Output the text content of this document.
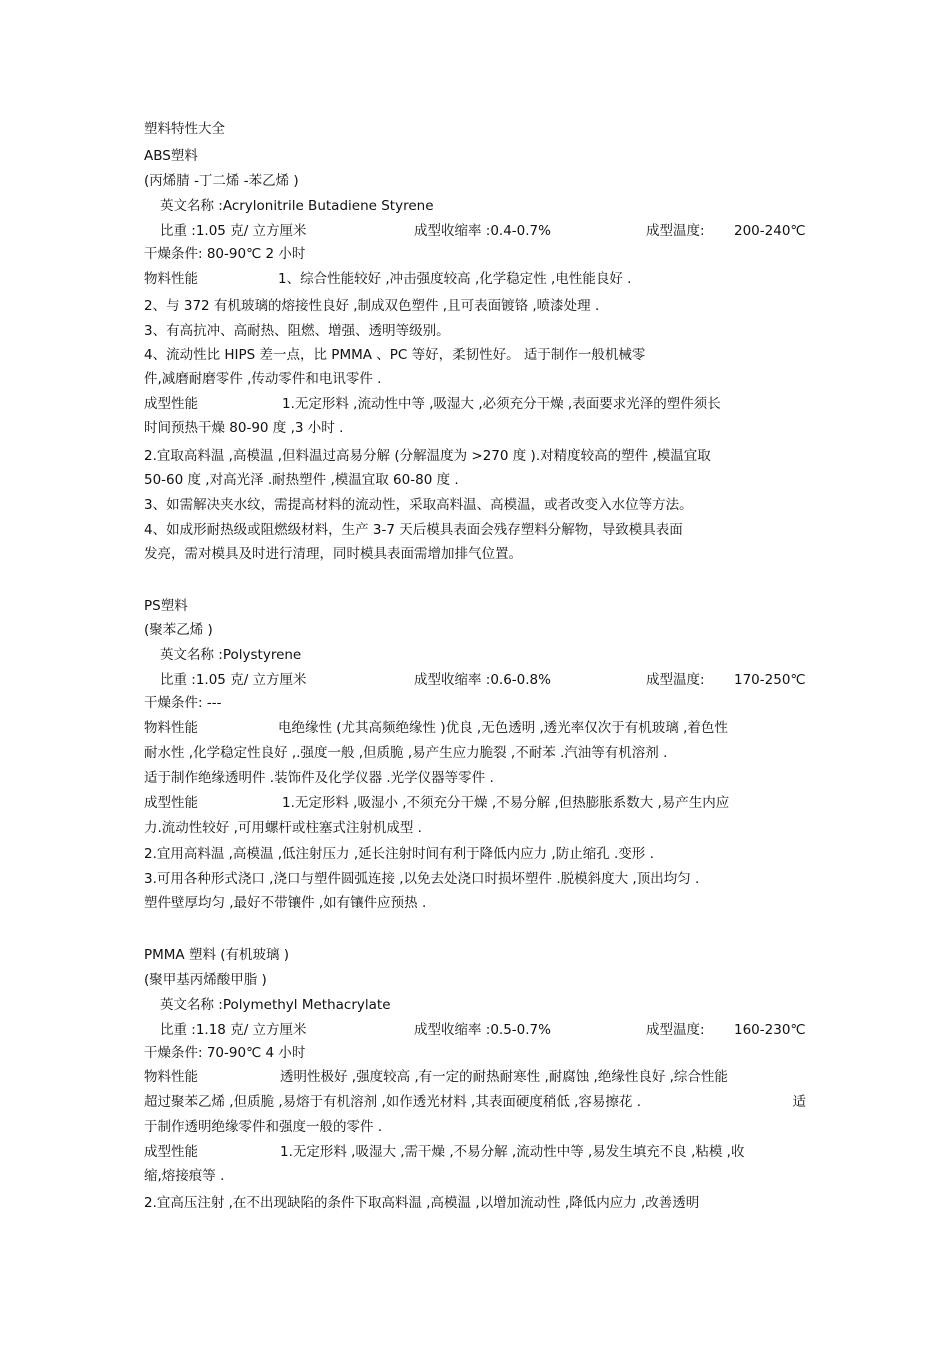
塑料特性大全
ABS塑料
(丙烯腈 -丁二烯 -苯乙烯 )
英文名称 :Acrylonitrile Butadiene Styrene
比重 :1.05 克/ 立方厘米	成型收缩率 :0.4-0.7%	成型温度: 200-240℃
干燥条件: 80-90℃ 2 小时
物料性能	1、综合性能较好 ,冲击强度较高 ,化学稳定性 ,电性能良好 .
2、与 372 有机玻璃的熔接性良好 ,制成双色塑件 ,且可表面镀铬 ,喷漆处理 .
3、有高抗冲、高耐热、阻燃、增强、透明等级别。
4、流动性比 HIPS 差一点，比 PMMA 、PC 等好，柔韧性好。 适于制作一般机械零
件,减磨耐磨零件 ,传动零件和电讯零件 .
成型性能	1.无定形料 ,流动性中等 ,吸湿大 ,必须充分干燥 ,表面要求光泽的塑件须长
时间预热干燥 80-90 度 ,3 小时 .
2.宜取高料温 ,高模温 ,但料温过高易分解 (分解温度为 >270 度 ).对精度较高的塑件 ,模温宜取
50-60 度 ,对高光泽 .耐热塑件 ,模温宜取 60-80 度 .
3、如需解决夹水纹，需提高材料的流动性，采取高料温、高模温，或者改变入水位等方法。
4、如成形耐热级或阻燃级材料，生产 3-7 天后模具表面会残存塑料分解物，导致模具表面
发亮，需对模具及时进行清理，同时模具表面需增加排气位置。
PS塑料
(聚苯乙烯 )
英文名称 :Polystyrene
比重 :1.05 克/ 立方厘米	成型收缩率 :0.6-0.8%	成型温度: 170-250℃
干燥条件: ---
物料性能	电绝缘性 (尤其高频绝缘性 )优良 ,无色透明 ,透光率仅次于有机玻璃 ,着色性
耐水性 ,化学稳定性良好 ,.强度一般 ,但质脆 ,易产生应力脆裂 ,不耐苯 .汽油等有机溶剂 .
适于制作绝缘透明件 .装饰件及化学仪器 .光学仪器等零件 .
成型性能	1.无定形料 ,吸湿小 ,不须充分干燥 ,不易分解 ,但热膨胀系数大 ,易产生内应
力.流动性较好 ,可用螺杆或柱塞式注射机成型 .
2.宜用高料温 ,高模温 ,低注射压力 ,延长注射时间有利于降低内应力 ,防止缩孔 .变形 .
3.可用各种形式浇口 ,浇口与塑件圆弧连接 ,以免去处浇口时损坏塑件 .脱模斜度大 ,顶出均匀 .
塑件壁厚均匀 ,最好不带镶件 ,如有镶件应预热 .
PMMA 塑料 (有机玻璃 )
(聚甲基丙烯酸甲脂 )
英文名称 :Polymethyl Methacrylate
比重 :1.18 克/ 立方厘米	成型收缩率 :0.5-0.7%	成型温度: 160-230℃
干燥条件: 70-90℃ 4 小时
物料性能	透明性极好 ,强度较高 ,有一定的耐热耐寒性 ,耐腐蚀 ,绝缘性良好 ,综合性能
超过聚苯乙烯 ,但质脆 ,易熔于有机溶剂 ,如作透光材料 ,其表面硬度稍低 ,容易擦花 .	适
于制作透明绝缘零件和强度一般的零件 .
成型性能	1.无定形料 ,吸湿大 ,需干燥 ,不易分解 ,流动性中等 ,易发生填充不良 ,粘模 ,收
缩,熔接痕等 .
2.宜高压注射 ,在不出现缺陷的条件下取高料温 ,高模温 ,以增加流动性 ,降低内应力 ,改善透明
